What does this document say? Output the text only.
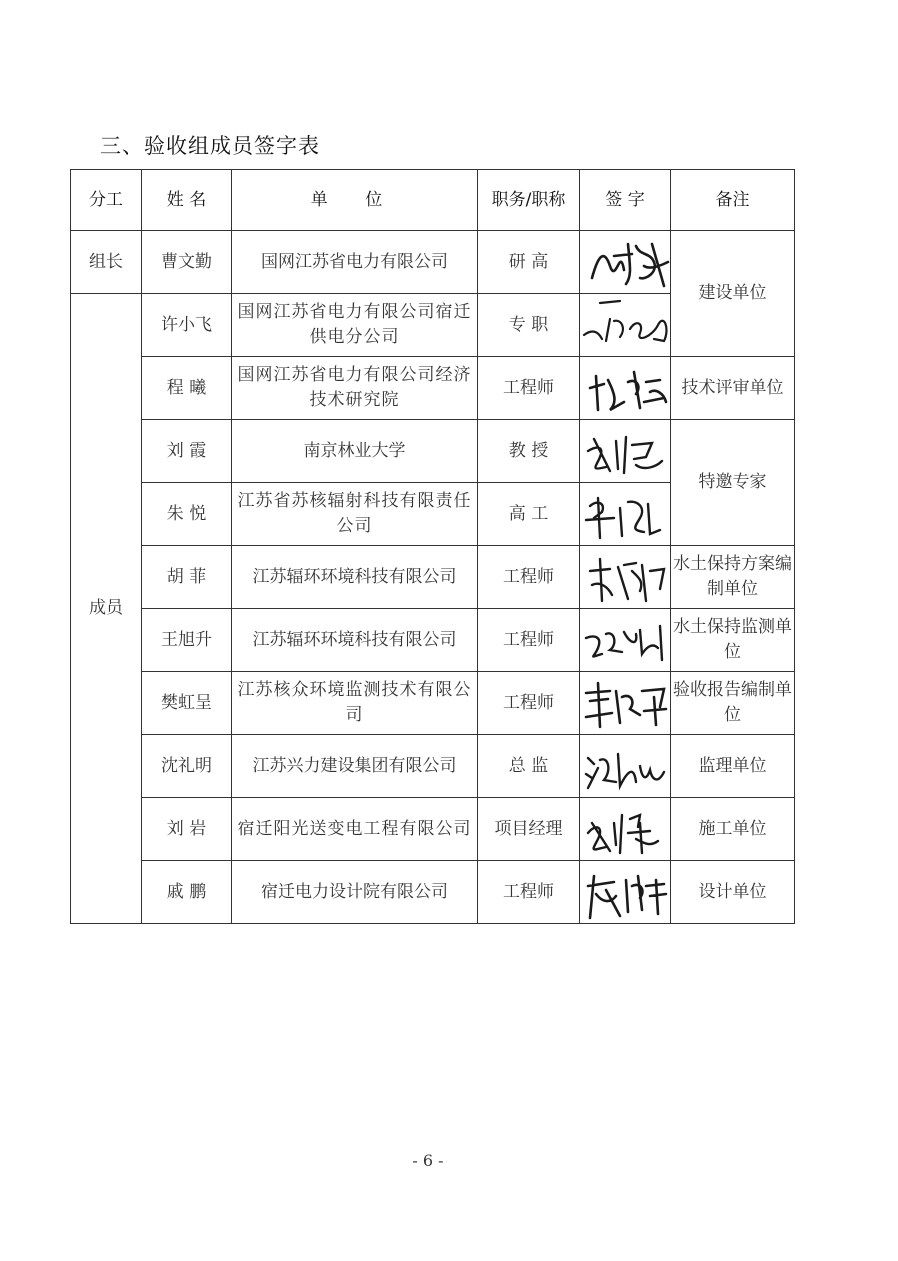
三、验收组成员签字表
分工	姓 名	单 位	职务/职称	签 字	备注
组长	曹文勤	国网江苏省电力有限公司	研 高		建设单位
成员	许小飞	国网江苏省电力有限公司宿迁供电分公司	专 职	

	程 曦	国网江苏省电力有限公司经济技术研究院	工程师		技术评审单位
	刘 霞	南京林业大学	教 授		特邀专家
	朱 悦	江苏省苏核辐射科技有限责任公司	高 工	

	胡 菲	江苏辐环环境科技有限公司	工程师		水土保持方案编制单位
	王旭升	江苏辐环环境科技有限公司	工程师		水土保持监测单位
	樊虹呈	江苏核众环境监测技术有限公司	工程师		验收报告编制单位
	沈礼明	江苏兴力建设集团有限公司	总 监		监理单位
	刘 岩	宿迁阳光送变电工程有限公司	项目经理		施工单位
	戚 鹏	宿迁电力设计院有限公司	工程师		设计单位
- 6 -
